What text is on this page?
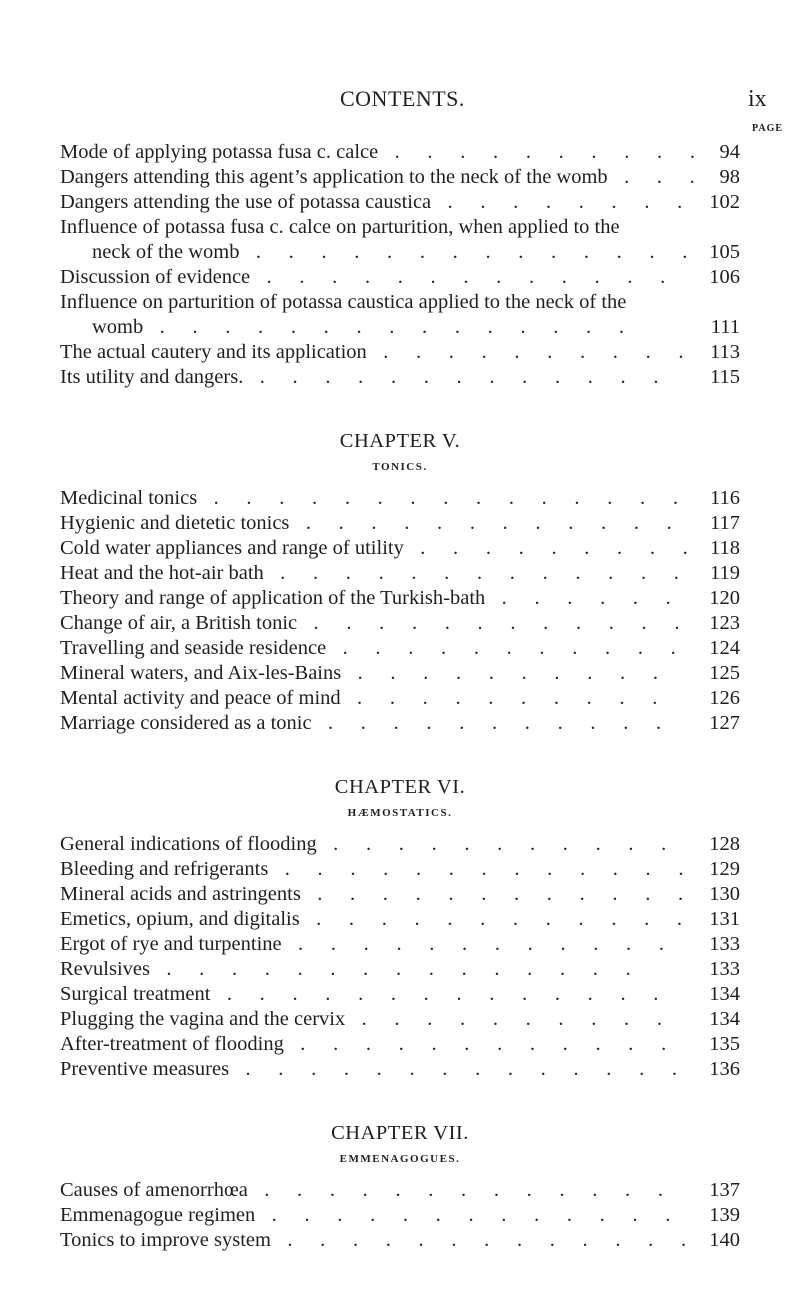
CONTENTS.	ix
PAGE
Mode of applying potassa fusa c. calce . . . . . . . . . . 94
Dangers attending this agent’s application to the neck of the womb . . . 98
Dangers attending the use of potassa caustica . . . . . . . . 102
Influence of potassa fusa c. calce on parturition, when applied to the
neck of the womb . . . . . . . . . . . . . . 105
Discussion of evidence . . . . . . . . . . . . . 106
Influence on parturition of potassa caustica applied to the neck of the
womb . . . . . . . . . . . . . . .	111
The actual cautery and its application . . . . . . . . . . 113
Its utility and dangers. . . . . . . . . . . . . . 115
CHAPTER V.
TONICS.
Medicinal tonics . . . . . . . . . . . . . . . 116
Hygienic and dietetic tonics . . . . . . . . . . . . 117
Cold water appliances and range of utility . . . . . . . . . 118
Heat and the hot-air bath . . . . . . . . . . . . . 119
Theory and range of application of the Turkish-bath . . . . . . 120
Change of air, a British tonic . . . . . . . . . . . . 123
Travelling and seaside residence . . . . . . . . . . . 124
Mineral waters, and Aix-les-Bains . . . . . . . . . . 125
Mental activity and peace of mind . . . . . . . . . . 126
Marriage considered as a tonic . . . . . . . . . . . 127
CHAPTER VI.
HÆMOSTATICS.
General indications of flooding . . . . . . . . . . . 128
Bleeding and refrigerants . . . . . . . . . . . . . 129
Mineral acids and astringents . . . . . . . . . . . . 130
Emetics, opium, and digitalis . . . . . . . . . . . . 131
Ergot of rye and turpentine . . . . . . . . . . . . 133
Revulsives . . . . . . . . . . . . . . .	133
Surgical treatment . . . . . . . . . . . . . . 134
Plugging the vagina and the cervix . . . . . . . . . . 134
After-treatment of flooding . . . . . . . . . . . . 135
Preventive measures . . . . . . . . . . . . . . 136
CHAPTER VII.
EMMENAGOGUES.
Causes of amenorrhœa . . . . . . . . . . . . . 137
Emmenagogue regimen . . . . . . . . . . . . . 139
Tonics to improve system . . . . . . . . . . . . . 140
